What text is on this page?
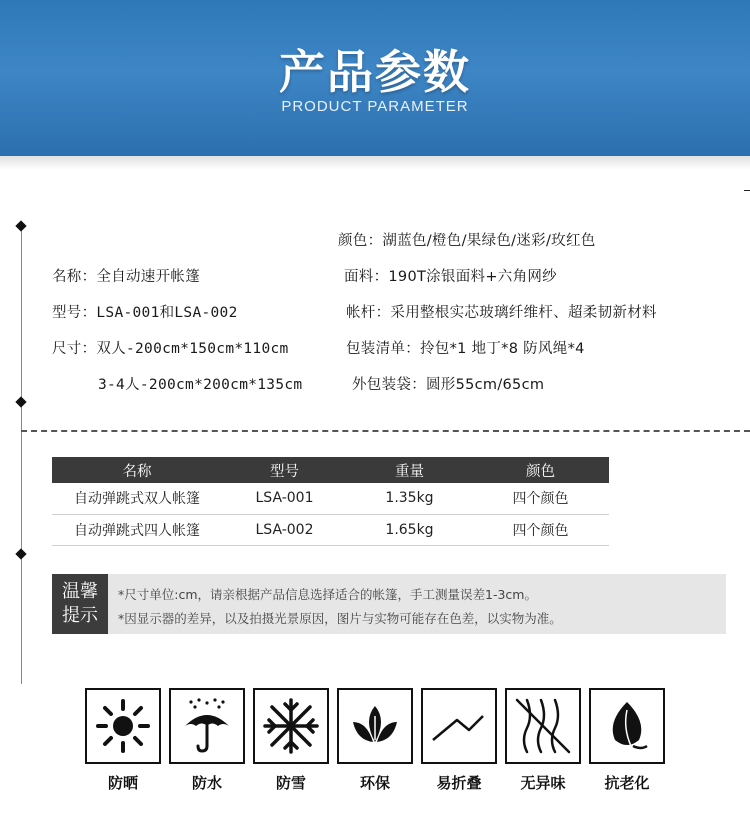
产品参数
PRODUCT PARAMETER
颜色：湖蓝色/橙色/果绿色/迷彩/玫红色
名称：全自动速开帐篷	面料：190T涂银面料+六角网纱
型号：LSA-001和LSA-002	帐杆：采用整根实芯玻璃纤维杆、超柔韧新材料
尺寸：双人-200cm*150cm*110cm	包装清单：拎包*1 地丁*8 防风绳*4
3-4人-200cm*200cm*135cm	外包装袋：圆形55cm/65cm
名称	型号	重量	颜色
自动弹跳式双人帐篷	LSA-001	1.35kg	四个颜色
自动弹跳式四人帐篷	LSA-002	1.65kg	四个颜色
温馨
提示
*尺寸单位:cm，请亲根据产品信息选择适合的帐篷，手工测量误差1-3cm。
*因显示器的差异，以及拍摄光景原因，图片与实物可能存在色差，以实物为准。
防晒	防水	防雪	环保	易折叠	无异味	抗老化
